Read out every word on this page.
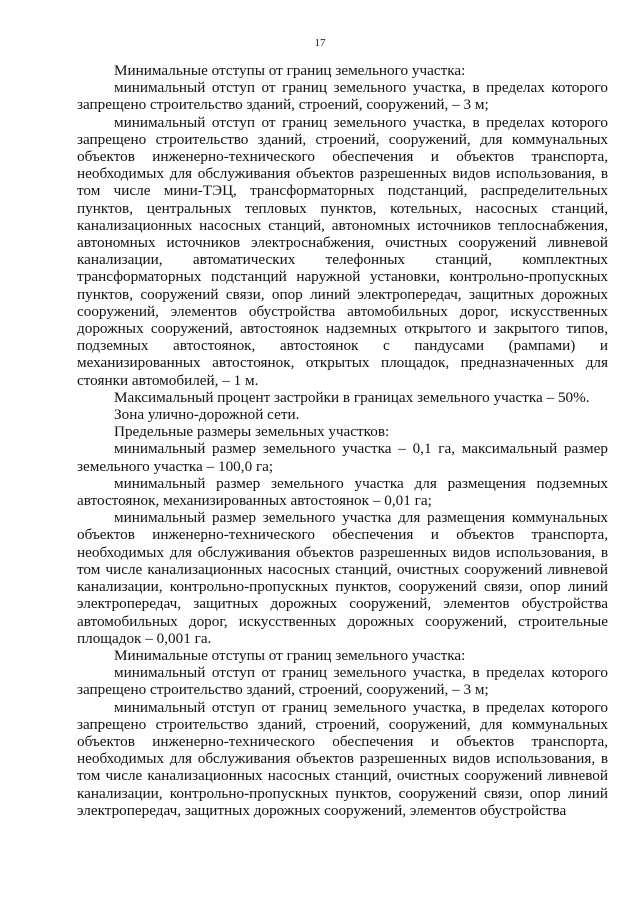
17

Минимальные отступы от границ земельного участка:

минимальный отступ от границ земельного участка, в пределах которого запрещено строительство зданий, строений, сооружений, – 3 м;

минимальный отступ от границ земельного участка, в пределах которого запрещено строительство зданий, строений, сооружений, для коммунальных объектов инженерно-технического обеспечения и объектов транспорта, необходимых для обслуживания объектов разрешенных видов использования, в том числе мини-ТЭЦ, трансформаторных подстанций, распределительных пунктов, центральных тепловых пунктов, котельных, насосных станций, канализационных насосных станций, автономных источников теплоснабжения, автономных источников электроснабжения, очистных сооружений ливневой канализации, автоматических телефонных станций, комплектных трансформаторных подстанций наружной установки, контрольно-пропускных пунктов, сооружений связи, опор линий электропередач, защитных дорожных сооружений, элементов обустройства автомобильных дорог, искусственных дорожных сооружений, автостоянок надземных открытого и закрытого типов, подземных автостоянок, автостоянок с пандусами (рампами) и механизированных автостоянок, открытых площадок, предназначенных для стоянки автомобилей, – 1 м.

Максимальный процент застройки в границах земельного участка – 50%.

Зона улично-дорожной сети.

Предельные размеры земельных участков:

минимальный размер земельного участка – 0,1 га, максимальный размер земельного участка – 100,0 га;

минимальный размер земельного участка для размещения подземных автостоянок, механизированных автостоянок – 0,01 га;

минимальный размер земельного участка для размещения коммунальных объектов инженерно-технического обеспечения и объектов транспорта, необходимых для обслуживания объектов разрешенных видов использования, в том числе канализационных насосных станций, очистных сооружений ливневой канализации, контрольно-пропускных пунктов, сооружений связи, опор линий электропередач, защитных дорожных сооружений, элементов обустройства автомобильных дорог, искусственных дорожных сооружений, строительные площадок – 0,001 га.

Минимальные отступы от границ земельного участка:

минимальный отступ от границ земельного участка, в пределах которого запрещено строительство зданий, строений, сооружений, – 3 м;

минимальный отступ от границ земельного участка, в пределах которого запрещено строительство зданий, строений, сооружений, для коммунальных объектов инженерно-технического обеспечения и объектов транспорта, необходимых для обслуживания объектов разрешенных видов использования, в том числе канализационных насосных станций, очистных сооружений ливневой канализации, контрольно-пропускных пунктов, сооружений связи, опор линий электропередач, защитных дорожных сооружений, элементов обустройства
